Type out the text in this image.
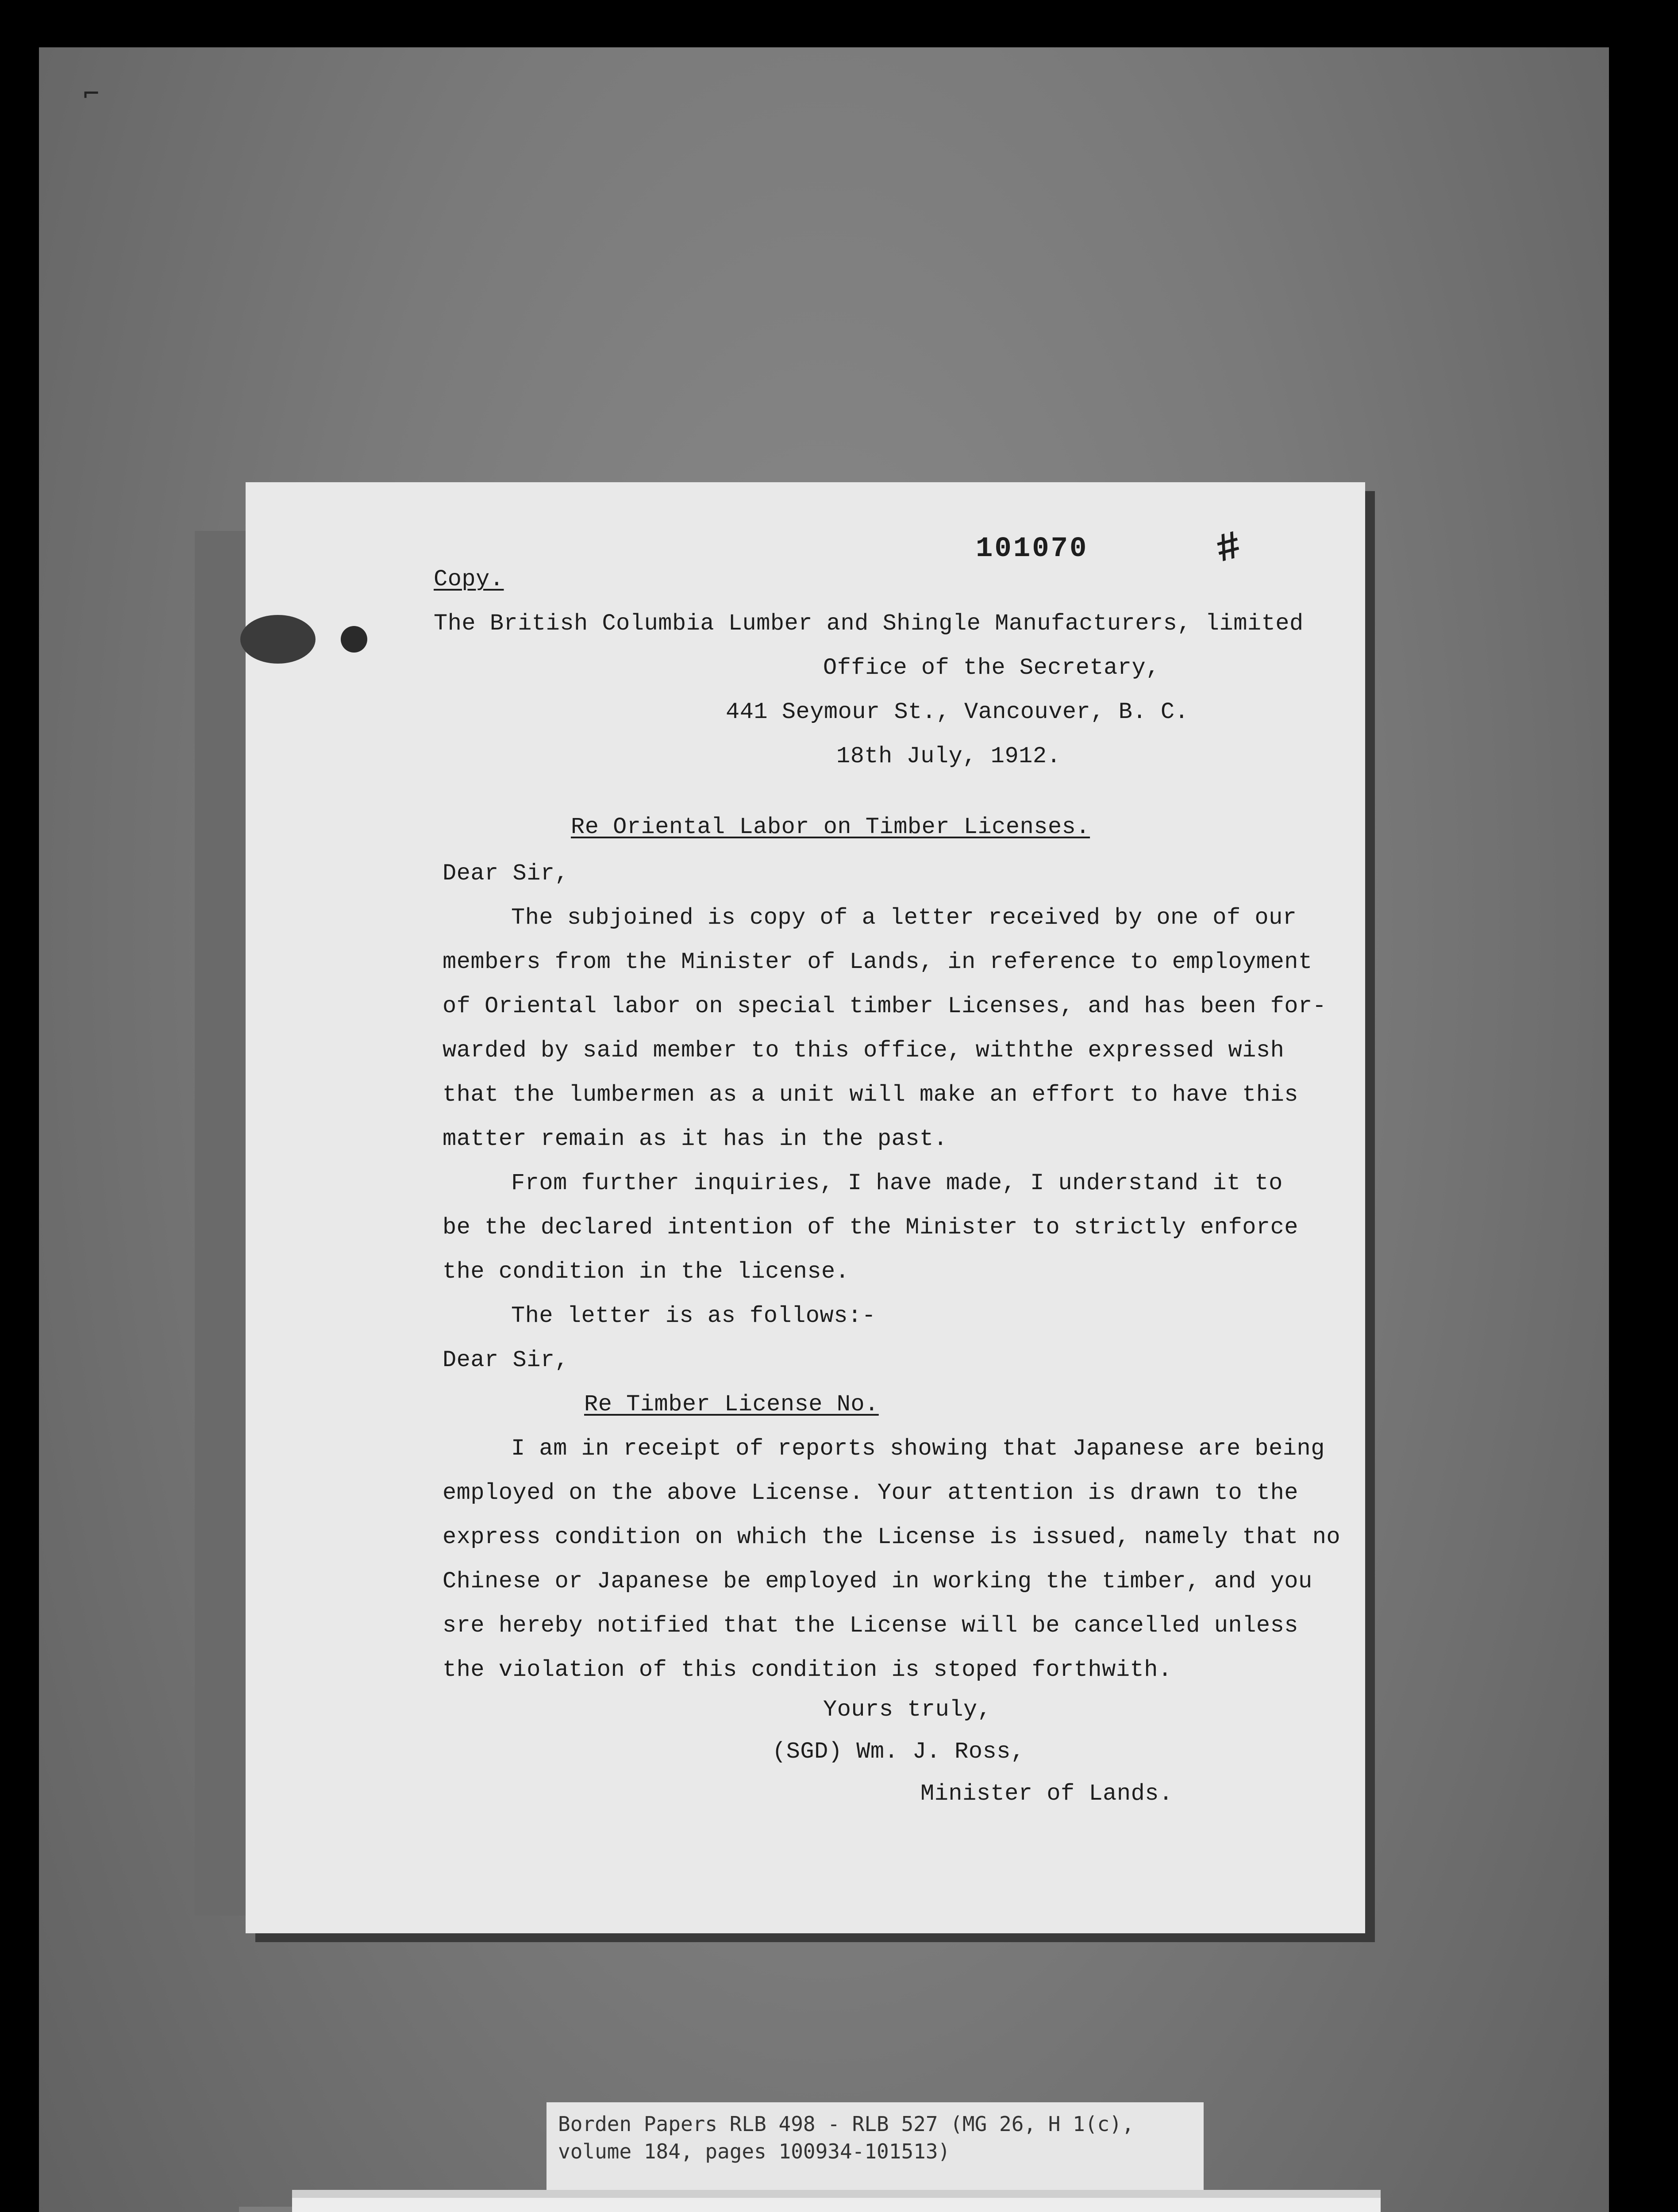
⌐
101070	#
Copy.
The British Columbia Lumber and Shingle Manufacturers, limited
Office of the Secretary,
441 Seymour St., Vancouver, B. C.
18th July, 1912.
Re Oriental Labor on Timber Licenses.
Dear Sir,
The subjoined is copy of a letter received by one of our
members from the Minister of Lands, in reference to employment
of Oriental labor on special timber Licenses, and has been for-
warded by said member to this office, withthe expressed wish
that the lumbermen as a unit will make an effort to have this
matter remain as it has in the past.
From further inquiries, I have made, I understand it to
be the declared intention of the Minister to strictly enforce
the condition in the license.
The letter is as follows:-
Dear Sir,
Re Timber License No.
I am in receipt of reports showing that Japanese are being
employed on the above License. Your attention is drawn to the
express condition on which the License is issued, namely that no
Chinese or Japanese be employed in working the timber, and you
sre hereby notified that the License will be cancelled unless
the violation of this condition is stoped forthwith.
Yours truly,
(SGD) Wm. J. Ross,
Minister of Lands.
Borden Papers RLB 498 - RLB 527 (MG 26, H 1(c),
volume 184, pages 100934-101513)
